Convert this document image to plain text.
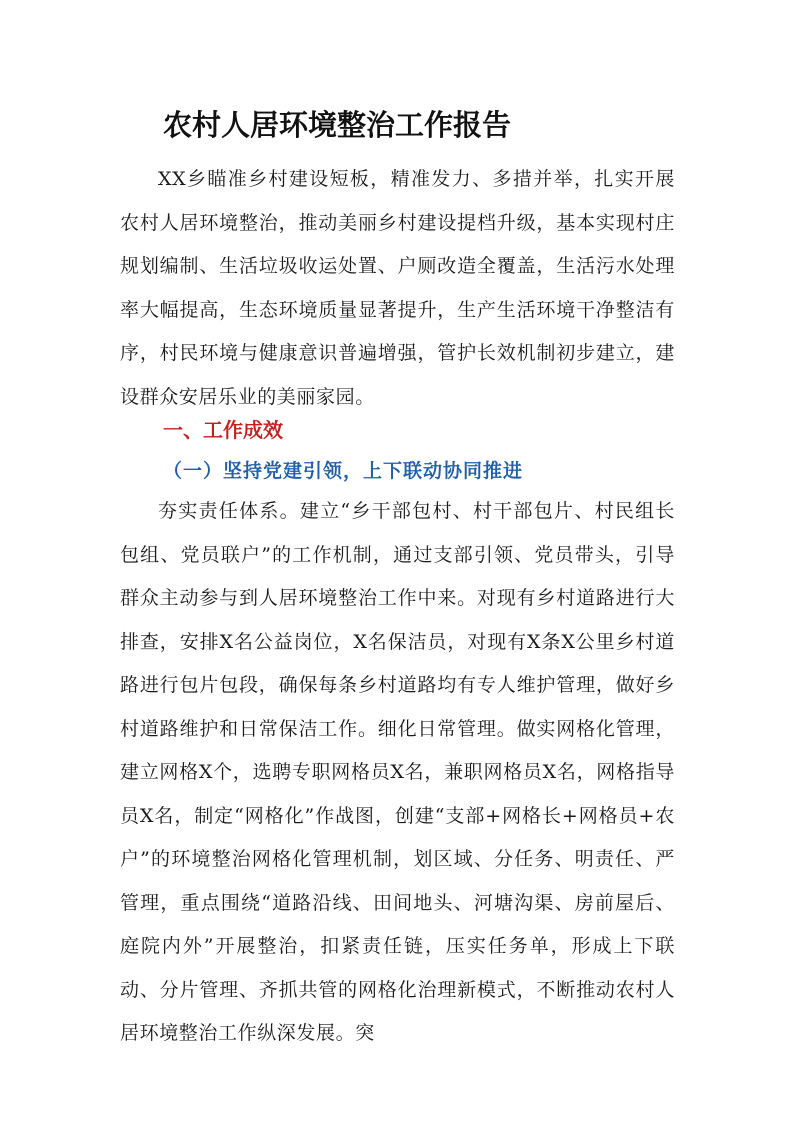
农村人居环境整治工作报告

XX乡瞄准乡村建设短板，精准发力、多措并举，扎实开展农村人居环境整治，推动美丽乡村建设提档升级，基本实现村庄规划编制、生活垃圾收运处置、户厕改造全覆盖，生活污水处理率大幅提高，生态环境质量显著提升，生产生活环境干净整洁有序，村民环境与健康意识普遍增强，管护长效机制初步建立，建设群众安居乐业的美丽家园。

一、工作成效
（一）坚持党建引领，上下联动协同推进

夯实责任体系。建立“乡干部包村、村干部包片、村民组长包组、党员联户”的工作机制，通过支部引领、党员带头，引导群众主动参与到人居环境整治工作中来。对现有乡村道路进行大排查，安排X名公益岗位，X名保洁员，对现有X条X公里乡村道路进行包片包段，确保每条乡村道路均有专人维护管理，做好乡村道路维护和日常保洁工作。细化日常管理。做实网格化管理，建立网格X个，选聘专职网格员X名，兼职网格员X名，网格指导员X名，制定“网格化”作战图，创建“支部+网格长+网格员+农户”的环境整治网格化管理机制，划区域、分任务、明责任、严管理，重点围绕“道路沿线、田间地头、河塘沟渠、房前屋后、庭院内外”开展整治，扣紧责任链，压实任务单，形成上下联动、分片管理、齐抓共管的网格化治理新模式，不断推动农村人居环境整治工作纵深发展。突
